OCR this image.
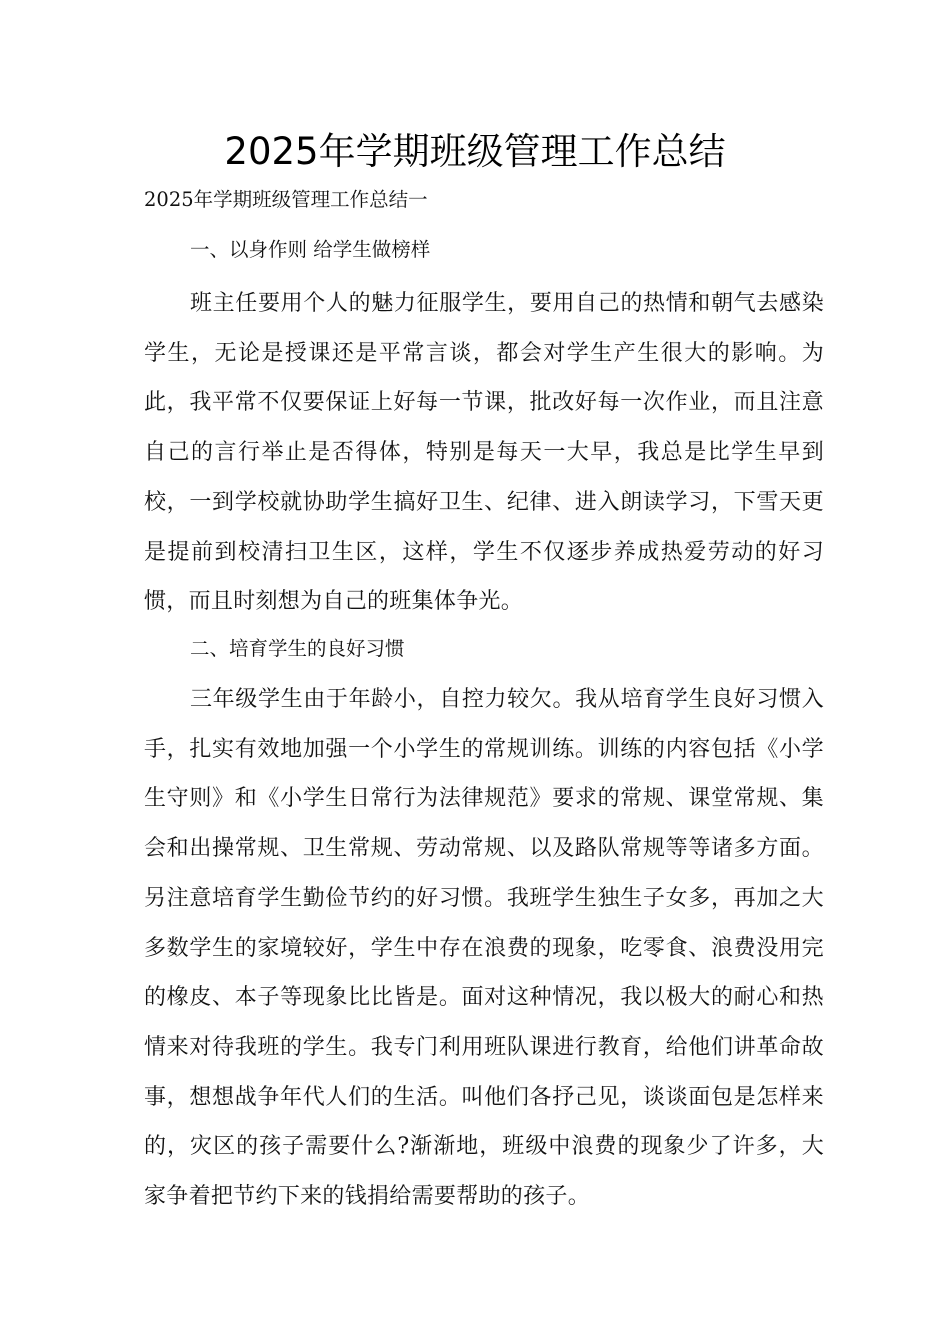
2025年学期班级管理工作总结
2025年学期班级管理工作总结一
一、以身作则 给学生做榜样
班主任要用个人的魅力征服学生，要用自己的热情和朝气去感染学生，无论是授课还是平常言谈，都会对学生产生很大的影响。为此，我平常不仅要保证上好每一节课，批改好每一次作业，而且注意自己的言行举止是否得体，特别是每天一大早，我总是比学生早到校，一到学校就协助学生搞好卫生、纪律、进入朗读学习，下雪天更是提前到校清扫卫生区，这样，学生不仅逐步养成热爱劳动的好习惯，而且时刻想为自己的班集体争光。
二、培育学生的良好习惯
三年级学生由于年龄小，自控力较欠。我从培育学生良好习惯入手，扎实有效地加强一个小学生的常规训练。训练的内容包括《小学生守则》和《小学生日常行为法律规范》要求的常规、课堂常规、集会和出操常规、卫生常规、劳动常规、以及路队常规等等诸多方面。另注意培育学生勤俭节约的好习惯。我班学生独生子女多，再加之大多数学生的家境较好，学生中存在浪费的现象，吃零食、浪费没用完的橡皮、本子等现象比比皆是。面对这种情况，我以极大的耐心和热情来对待我班的学生。我专门利用班队课进行教育，给他们讲革命故事，想想战争年代人们的生活。叫他们各抒己见，谈谈面包是怎样来的，灾区的孩子需要什么?渐渐地，班级中浪费的现象少了许多，大家争着把节约下来的钱捐给需要帮助的孩子。
